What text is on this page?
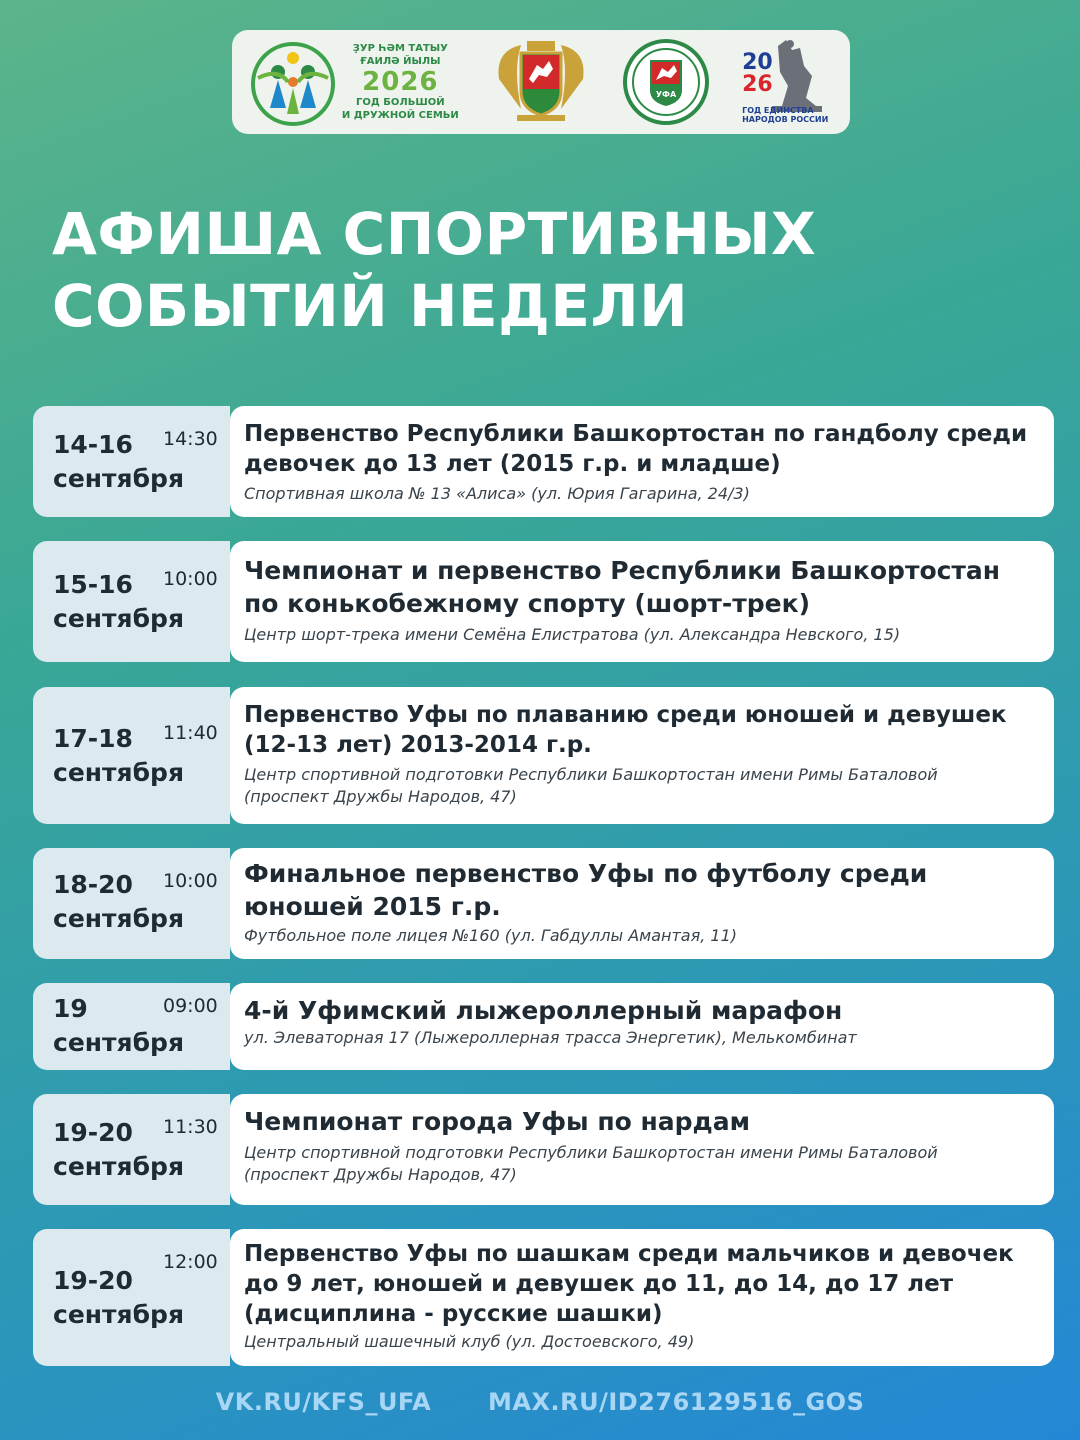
ҘУР ҺӘМ ТАТЫУ
ҒАИЛӘ ЙЫЛЫ
2026
ГОД БОЛЬШОЙ
И ДРУЖНОЙ СЕМЬИ
УФА
20
26
ГОД ЕДИНСТВА
НАРОДОВ РОССИИ
АФИША СПОРТИВНЫХ
СОБЫТИЙ НЕДЕЛИ
14-16
сентября
14:30 Первенство Республики Башкортостан по гандболу среди
девочек до 13 лет (2015 г.р. и младше)
Спортивная школа № 13 «Алиса» (ул. Юрия Гагарина, 24/3)
15-16
сентября
10:00 Чемпионат и первенство Республики Башкортостан
по конькобежному спорту (шорт-трек)
Центр шорт-трека имени Семёна Елистратова (ул. Александра Невского, 15)
17-18
сентября
11:40
Первенство Уфы по плаванию среди юношей и девушек
(12-13 лет) 2013-2014 г.р.
Центр спортивной подготовки Республики Башкортостан имени Римы Баталовой
(проспект Дружбы Народов, 47)
18-20
сентября
10:00 Финальное первенство Уфы по футболу среди
юношей 2015 г.р.
Футбольное поле лицея №160 (ул. Габдуллы Амантая, 11)
19
сентября
09:00 4-й Уфимский лыжероллерный марафон
ул. Элеваторная 17 (Лыжероллерная трасса Энергетик), Мелькомбинат
19-20
сентября
11:30 Чемпионат города Уфы по нардам
Центр спортивной подготовки Республики Башкортостан имени Римы Баталовой
(проспект Дружбы Народов, 47)
19-20
сентября
12:00 Первенство Уфы по шашкам среди мальчиков и девочек
до 9 лет, юношей и девушек до 11, до 14, до 17 лет
(дисциплина - русские шашки)
Центральный шашечный клуб (ул. Достоевского, 49)
VK.RU/KFS_UFA MAX.RU/ID276129516_GOS
